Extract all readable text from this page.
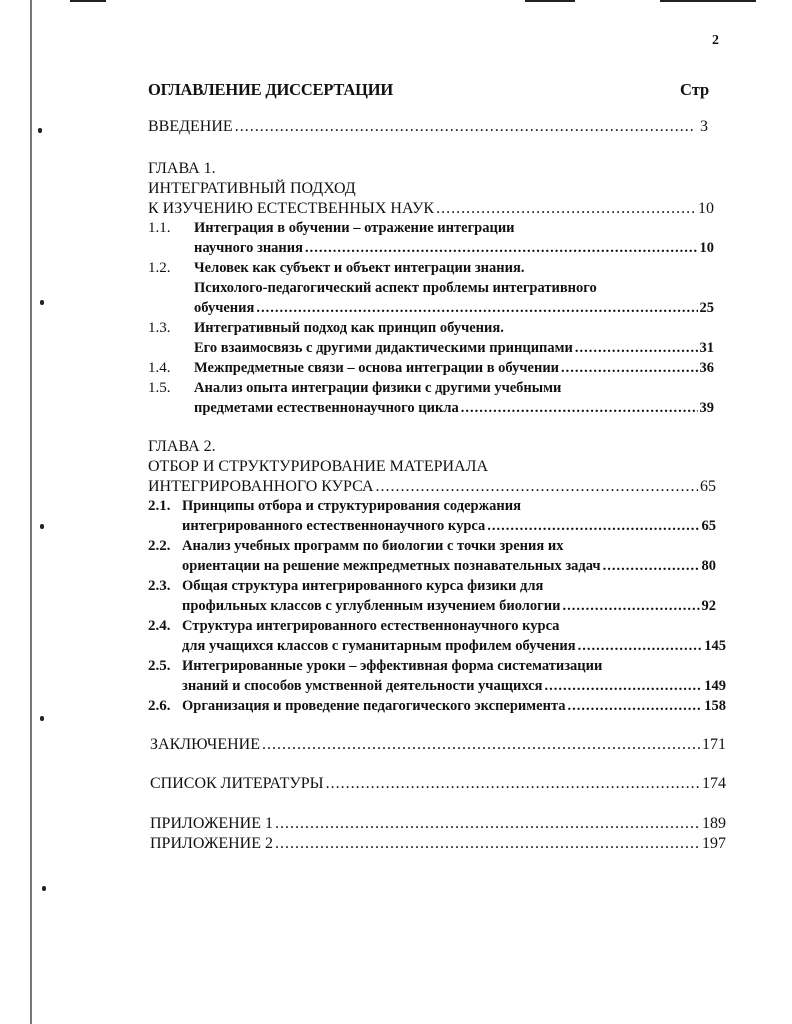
2
ОГЛАВЛЕНИЕ ДИССЕРТАЦИИ	Стр
ВВЕДЕНИЕ .....	3
ГЛАВА 1.
ИНТЕГРАТИВНЫЙ ПОДХОД
К ИЗУЧЕНИЮ ЕСТЕСТВЕННЫХ НАУК .....	10
1.1. Интеграция в обучении – отражение интеграции
научного знания .....	10
1.2. Человек как субъект и объект интеграции знания.
Психолого-педагогический аспект проблемы интегративного
обучения .....	25
1.3. Интегративный подход как принцип обучения.
Его взаимосвязь с другими дидактическими принципами .....	31
1.4. Межпредметные связи – основа интеграции в обучении .....	36
1.5. Анализ опыта интеграции физики с другими учебными
предметами естественнонаучного цикла .....	39
ГЛАВА 2.
ОТБОР И СТРУКТУРИРОВАНИЕ МАТЕРИАЛА
ИНТЕГРИРОВАННОГО КУРСА .....	65
2.1. Принципы отбора и структурирования содержания
интегрированного естественнонаучного курса .....	65
2.2. Анализ учебных программ по биологии с точки зрения их
ориентации на решение межпредметных познавательных задач .....	80
2.3. Общая структура интегрированного курса физики для
профильных классов с углубленным изучением биологии .....	92
2.4. Структура интегрированного естественнонаучного курса
для учащихся классов с гуманитарным профилем обучения .....	145
2.5. Интегрированные уроки – эффективная форма систематизации
знаний и способов умственной деятельности учащихся .....	149
2.6. Организация и проведение педагогического эксперимента .....	158
ЗАКЛЮЧЕНИЕ .....	171
СПИСОК ЛИТЕРАТУРЫ .....	174
ПРИЛОЖЕНИЕ 1 .....	189
ПРИЛОЖЕНИЕ 2 .....	197
